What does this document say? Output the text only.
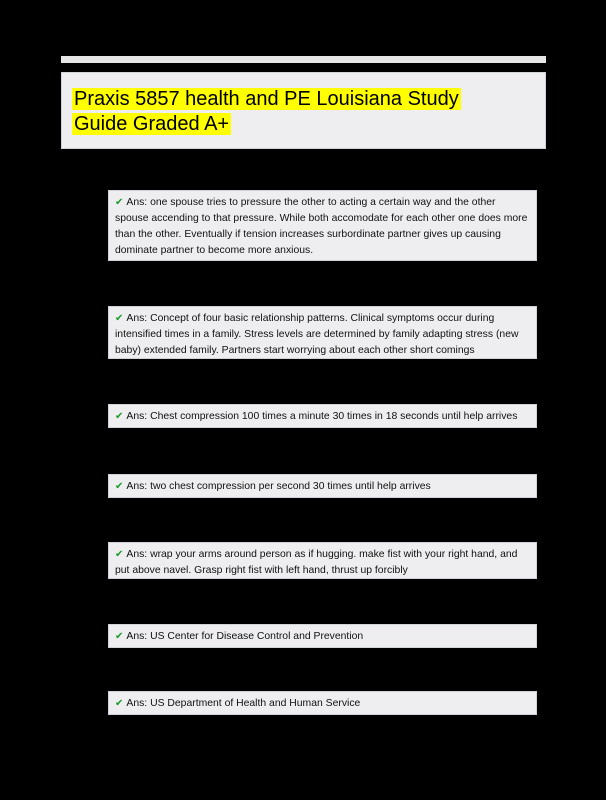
Praxis 5857 health and PE Louisiana Study Guide Graded A+
✔ Ans: one spouse tries to pressure the other to acting a certain way and the other spouse accending to that pressure. While both accomodate for each other one does more than the other. Eventually if tension increases surbordinate partner gives up causing dominate partner to become more anxious.
✔ Ans: Concept of four basic relationship patterns. Clinical symptoms occur during intensified times in a family. Stress levels are determined by family adapting stress (new baby) extended family. Partners start worrying about each other short comings
✔ Ans: Chest compression 100 times a minute 30 times in 18 seconds until help arrives
✔ Ans: two chest compression per second 30 times until help arrives
✔ Ans: wrap your arms around person as if hugging. make fist with your right hand, and put above navel. Grasp right fist with left hand, thrust up forcibly
✔ Ans: US Center for Disease Control and Prevention
✔ Ans: US Department of Health and Human Service
